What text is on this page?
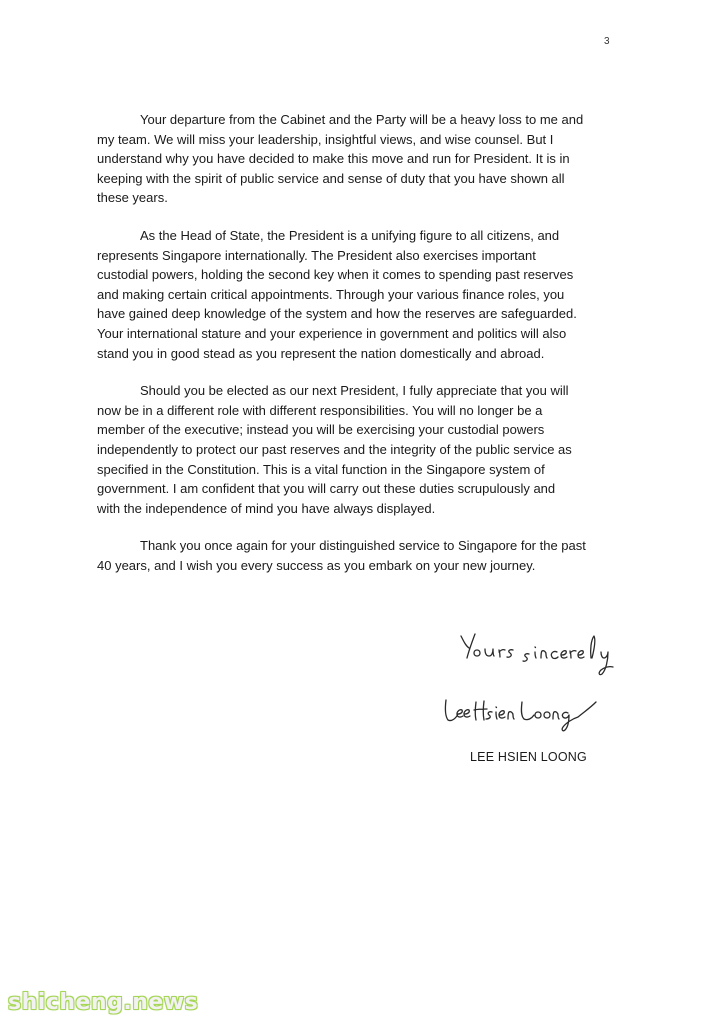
3

Your departure from the Cabinet and the Party will be a heavy loss to me and
my team. We will miss your leadership, insightful views, and wise counsel. But I
understand why you have decided to make this move and run for President. It is in
keeping with the spirit of public service and sense of duty that you have shown all
these years.

As the Head of State, the President is a unifying figure to all citizens, and
represents Singapore internationally. The President also exercises important
custodial powers, holding the second key when it comes to spending past reserves
and making certain critical appointments. Through your various finance roles, you
have gained deep knowledge of the system and how the reserves are safeguarded.
Your international stature and your experience in government and politics will also
stand you in good stead as you represent the nation domestically and abroad.

Should you be elected as our next President, I fully appreciate that you will
now be in a different role with different responsibilities. You will no longer be a
member of the executive; instead you will be exercising your custodial powers
independently to protect our past reserves and the integrity of the public service as
specified in the Constitution. This is a vital function in the Singapore system of
government. I am confident that you will carry out these duties scrupulously and
with the independence of mind you have always displayed.

Thank you once again for your distinguished service to Singapore for the past
40 years, and I wish you every success as you embark on your new journey.

LEE HSIEN LOONG
shicheng.news
